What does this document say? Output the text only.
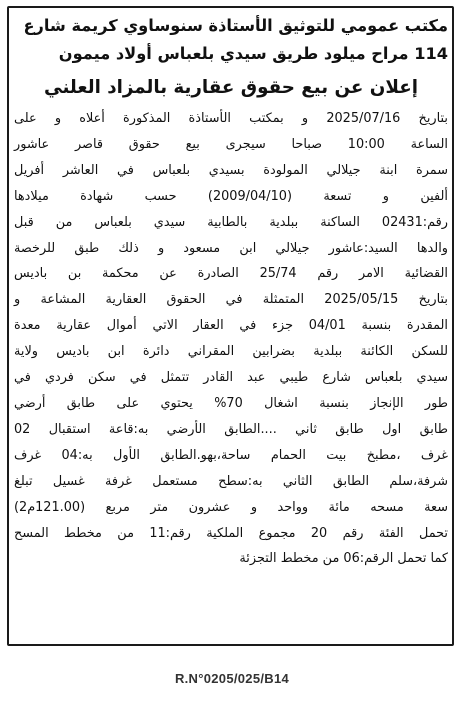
مكتب عمومي للتوثيق الأستاذة سنوساوي كريمة شارع

114 مراح ميلود طريق سيدي بلعباس أولاد ميمون

إعلان عن بيع حقوق عقارية بالمزاد العلني

بتاريخ 2025/07/16 و بمكتب الأستاذة المذكورة أعلاه و على

الساعة 10:00 صباحا سيجرى بيع حقوق قاصر عاشور

سمرة ابنة جيلالي المولودة بسيدي بلعباس في العاشر أفريل

ألفين و تسعة (2009/04/10) حسب شهادة ميلادها

رقم:02431 الساكنة ببلدية بالطابية سيدي بلعباس من قبل

والدها السيد:عاشور جيلالي ابن مسعود و ذلك طبق للرخصة

القضائية الامر رقم 25/74 الصادرة عن محكمة بن باديس

بتاريخ 2025/05/15 المتمثلة في الحقوق العقارية المشاعة و

المقدرة بنسبة 04/01 جزء في العقار الاتي أموال عقارية معدة

للسكن الكائنة ببلدية بضرابين المقراني دائرة ابن باديس ولاية

سيدي بلعباس شارع طيبي عبد القادر تتمثل في سكن فردي في

طور الإنجاز بنسبة اشغال 70% يحتوي على طابق أرضي

طابق اول طابق ثاني ....الطابق الأرضي به:قاعة استقبال 02

غرف ،مطبخ بيت الحمام ساحة،بهو.الطابق الأول به:04 غرف

شرفة،سلم الطابق الثاني به:سطح مستعمل غرفة غسيل تبلغ

سعة مسحه مائة وواحد و عشرون متر مربع (121.00م2)

تحمل الفئة رقم 20 مجموع الملكية رقم:11 من مخطط المسح

كما تحمل الرقم:06 من مخطط التجزئة

R.N°0205/025/B14
